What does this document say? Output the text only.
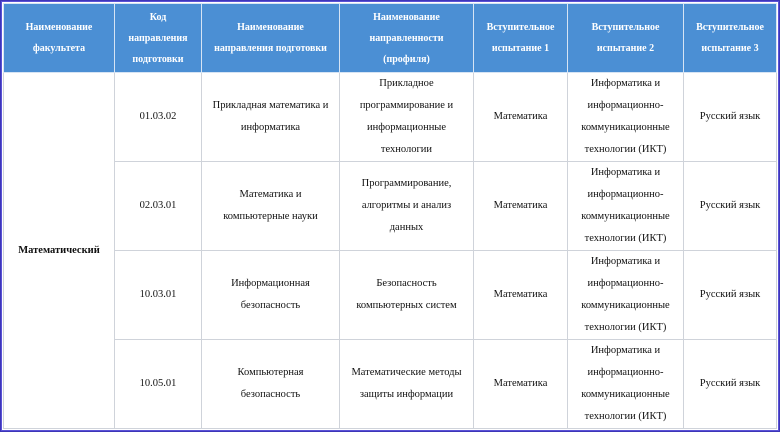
Наименование факультета	Код направления подготовки	Наименование направления подготовки	Наименование направленности (профиля)	Вступительное испытание 1	Вступительное испытание 2	Вступительное испытание 3
Математический	01.03.02	Прикладная математика и информатика	Прикладное программирование и информационные технологии	Математика	Информатика и информационно-коммуникационные технологии (ИКТ)	Русский язык
	02.03.01	Математика и компьютерные науки	Программирование, алгоритмы и анализ данных	Математика	Информатика и информационно-коммуникационные технологии (ИКТ)	Русский язык
	10.03.01	Информационная безопасность	Безопасность компьютерных систем	Математика	Информатика и информационно-коммуникационные технологии (ИКТ)	Русский язык
	10.05.01	Компьютерная безопасность	Математические методы защиты информации	Математика	Информатика и информационно-коммуникационные технологии (ИКТ)	Русский язык
